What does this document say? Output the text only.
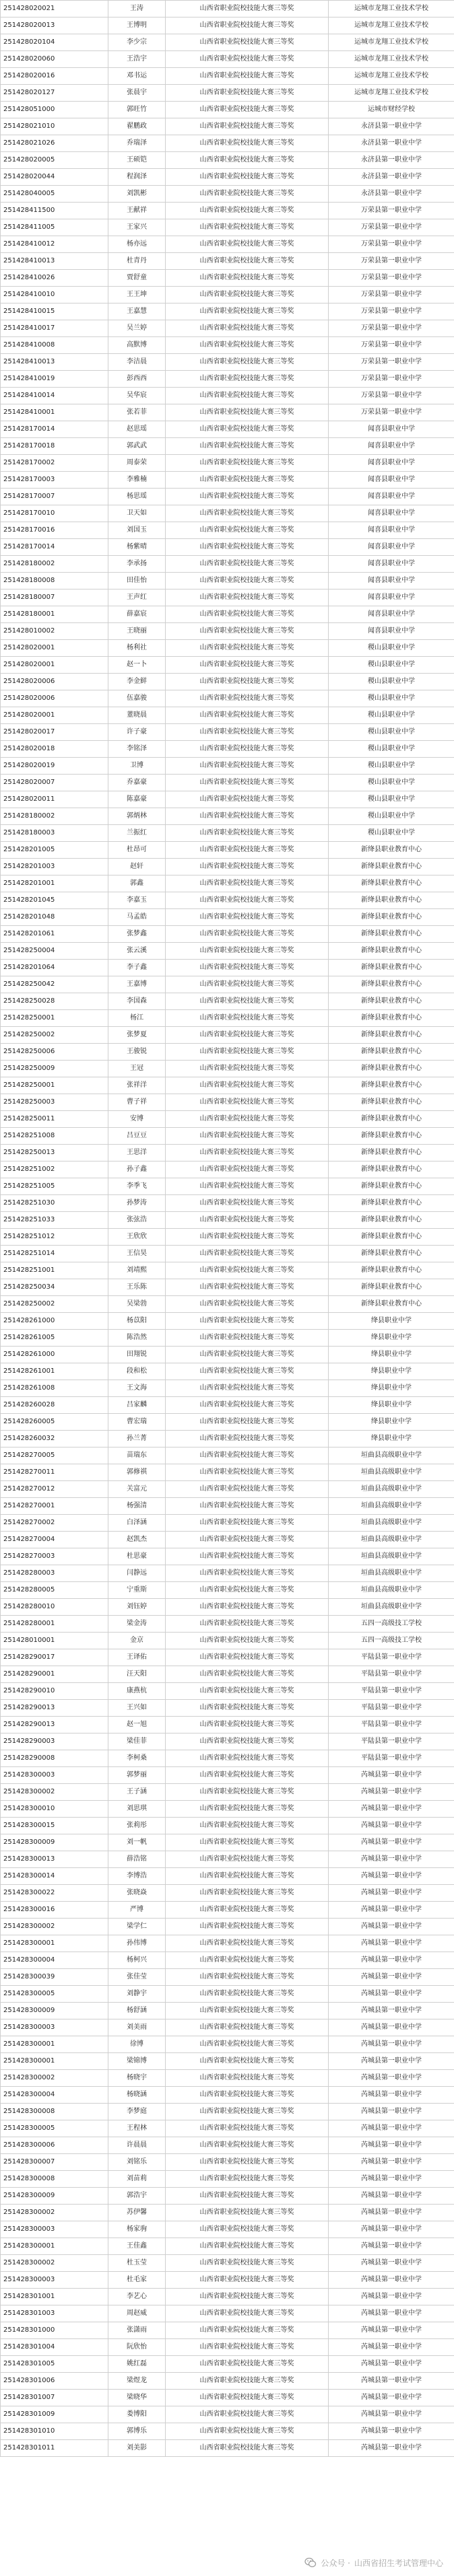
251428020021	王涛	山西省职业院校技能大赛三等奖	运城市龙翔工业技术学校
251428020013	王博明	山西省职业院校技能大赛三等奖	运城市龙翔工业技术学校
251428020104	李少宗	山西省职业院校技能大赛三等奖	运城市龙翔工业技术学校
251428020060	王浩宇	山西省职业院校技能大赛三等奖	运城市龙翔工业技术学校
251428020016	邓书运	山西省职业院校技能大赛三等奖	运城市龙翔工业技术学校
251428020127	张晨宇	山西省职业院校技能大赛三等奖	运城市龙翔工业技术学校
251428051000	郭旺竹	山西省职业院校技能大赛三等奖	运城市财经学校
251428021010	翟鹏政	山西省职业院校技能大赛三等奖	永济县第一职业中学
251428021026	乔瑞泽	山西省职业院校技能大赛三等奖	永济县第一职业中学
251428020005	王硕铠	山西省职业院校技能大赛三等奖	永济县第一职业中学
251428020044	程润泽	山西省职业院校技能大赛三等奖	永济县第一职业中学
251428040005	刘凯彬	山西省职业院校技能大赛三等奖	永济县第一职业中学
251428411500	王献祥	山西省职业院校技能大赛三等奖	万荣县第一职业中学
251428411005	王家兴	山西省职业院校技能大赛三等奖	万荣县第一职业中学
251428410012	杨亦远	山西省职业院校技能大赛三等奖	万荣县第一职业中学
251428410013	杜青丹	山西省职业院校技能大赛三等奖	万荣县第一职业中学
251428410026	贾舒童	山西省职业院校技能大赛三等奖	万荣县第一职业中学
251428410010	王王坤	山西省职业院校技能大赛三等奖	万荣县第一职业中学
251428410015	王嘉慧	山西省职业院校技能大赛三等奖	万荣县第一职业中学
251428410017	吴兰婷	山西省职业院校技能大赛三等奖	万荣县第一职业中学
251428410008	高默博	山西省职业院校技能大赛三等奖	万荣县第一职业中学
251428410013	李洁晨	山西省职业院校技能大赛三等奖	万荣县第一职业中学
251428410019	彭西西	山西省职业院校技能大赛三等奖	万荣县第一职业中学
251428410014	吴华宸	山西省职业院校技能大赛三等奖	万荣县第一职业中学
251428410001	张若菲	山西省职业院校技能大赛三等奖	万荣县第一职业中学
251428170014	赵思瑶	山西省职业院校技能大赛三等奖	闻喜县职业中学
251428170018	郭武武	山西省职业院校技能大赛三等奖	闻喜县职业中学
251428170002	周泰荣	山西省职业院校技能大赛三等奖	闻喜县职业中学
251428170003	李雅楠	山西省职业院校技能大赛三等奖	闻喜县职业中学
251428170007	杨思瑶	山西省职业院校技能大赛三等奖	闻喜县职业中学
251428170010	卫天如	山西省职业院校技能大赛三等奖	闻喜县职业中学
251428170016	刘国玉	山西省职业院校技能大赛三等奖	闻喜县职业中学
251428170014	杨紫晴	山西省职业院校技能大赛三等奖	闻喜县职业中学
251428180002	李承扬	山西省职业院校技能大赛三等奖	闻喜县职业中学
251428180008	田佳怡	山西省职业院校技能大赛三等奖	闻喜县职业中学
251428180007	王声红	山西省职业院校技能大赛三等奖	闻喜县职业中学
251428180001	薛嘉宸	山西省职业院校技能大赛三等奖	闻喜县职业中学
251428010002	王晓丽	山西省职业院校技能大赛三等奖	闻喜县职业中学
251428020001	杨利社	山西省职业院校技能大赛三等奖	稷山县职业中学
251428020001	赵一卜	山西省职业院校技能大赛三等奖	稷山县职业中学
251428020006	李金鲜	山西省职业院校技能大赛三等奖	稷山县职业中学
251428020006	伍嘉骏	山西省职业院校技能大赛三等奖	稷山县职业中学
251428020001	董晓晨	山西省职业院校技能大赛三等奖	稷山县职业中学
251428020017	许子豪	山西省职业院校技能大赛三等奖	稷山县职业中学
251428020018	李铭泽	山西省职业院校技能大赛三等奖	稷山县职业中学
251428020019	卫博	山西省职业院校技能大赛三等奖	稷山县职业中学
251428020007	乔嘉豪	山西省职业院校技能大赛三等奖	稷山县职业中学
251428020011	陈嘉豪	山西省职业院校技能大赛三等奖	稷山县职业中学
251428180002	郭炳林	山西省职业院校技能大赛三等奖	稷山县职业中学
251428180003	兰振红	山西省职业院校技能大赛三等奖	稷山县职业中学
251428201005	杜昂可	山西省职业院校技能大赛三等奖	新绛县职业教育中心
251428201003	赵轩	山西省职业院校技能大赛三等奖	新绛县职业教育中心
251428201001	郭鑫	山西省职业院校技能大赛三等奖	新绛县职业教育中心
251428201045	李嘉玉	山西省职业院校技能大赛三等奖	新绛县职业教育中心
251428201048	马孟皓	山西省职业院校技能大赛三等奖	新绛县职业教育中心
251428201061	张梦鑫	山西省职业院校技能大赛三等奖	新绛县职业教育中心
251428250004	张云溪	山西省职业院校技能大赛三等奖	新绛县职业教育中心
251428201064	李子鑫	山西省职业院校技能大赛三等奖	新绛县职业教育中心
251428250042	王嘉博	山西省职业院校技能大赛三等奖	新绛县职业教育中心
251428250028	李国森	山西省职业院校技能大赛三等奖	新绛县职业教育中心
251428250001	杨江	山西省职业院校技能大赛三等奖	新绛县职业教育中心
251428250002	张梦夏	山西省职业院校技能大赛三等奖	新绛县职业教育中心
251428250006	王骏锐	山西省职业院校技能大赛三等奖	新绛县职业教育中心
251428250009	王冠	山西省职业院校技能大赛三等奖	新绛县职业教育中心
251428250001	张祥洋	山西省职业院校技能大赛三等奖	新绛县职业教育中心
251428250003	曹子祥	山西省职业院校技能大赛三等奖	新绛县职业教育中心
251428250011	安博	山西省职业院校技能大赛三等奖	新绛县职业教育中心
251428251008	吕豆豆	山西省职业院校技能大赛三等奖	新绛县职业教育中心
251428250013	王思洋	山西省职业院校技能大赛三等奖	新绛县职业教育中心
251428251002	孙子鑫	山西省职业院校技能大赛三等奖	新绛县职业教育中心
251428251005	李季飞	山西省职业院校技能大赛三等奖	新绛县职业教育中心
251428251030	孙梦涛	山西省职业院校技能大赛三等奖	新绛县职业教育中心
251428251033	张弦浩	山西省职业院校技能大赛三等奖	新绛县职业教育中心
251428251012	王欣欣	山西省职业院校技能大赛三等奖	新绛县职业教育中心
251428251014	王信昊	山西省职业院校技能大赛三等奖	新绛县职业教育中心
251428251001	刘靖熙	山西省职业院校技能大赛三等奖	新绛县职业教育中心
251428250034	王乐陈	山西省职业院校技能大赛三等奖	新绛县职业教育中心
251428250002	吴梁勃	山西省职业院校技能大赛三等奖	新绛县职业教育中心
251428261000	杨苡阳	山西省职业院校技能大赛三等奖	绛县职业中学
251428261005	陈浩然	山西省职业院校技能大赛三等奖	绛县职业中学
251428261000	田翔锐	山西省职业院校技能大赛三等奖	绛县职业中学
251428261001	段和松	山西省职业院校技能大赛三等奖	绛县职业中学
251428261008	王文海	山西省职业院校技能大赛三等奖	绛县职业中学
251428260028	吕家麟	山西省职业院校技能大赛三等奖	绛县职业中学
251428260005	曹宏瑞	山西省职业院校技能大赛三等奖	绛县职业中学
251428260032	孙兰菁	山西省职业院校技能大赛三等奖	绛县职业中学
251428270005	苗瑞东	山西省职业院校技能大赛三等奖	垣曲县高级职业中学
251428270011	郭修祺	山西省职业院校技能大赛三等奖	垣曲县高级职业中学
251428270012	关富元	山西省职业院校技能大赛三等奖	垣曲县高级职业中学
251428270001	杨强清	山西省职业院校技能大赛三等奖	垣曲县高级职业中学
251428270002	白泽涵	山西省职业院校技能大赛三等奖	垣曲县高级职业中学
251428270004	赵凯杰	山西省职业院校技能大赛三等奖	垣曲县高级职业中学
251428270003	杜思豪	山西省职业院校技能大赛三等奖	垣曲县高级职业中学
251428280003	闫静远	山西省职业院校技能大赛三等奖	垣曲县高级职业中学
251428280005	宁重斯	山西省职业院校技能大赛三等奖	垣曲县高级职业中学
251428280010	刘钰婷	山西省职业院校技能大赛三等奖	垣曲县高级职业中学
251428280001	梁金涛	山西省职业院校技能大赛三等奖	五四一高级技工学校
251428010001	金京	山西省职业院校技能大赛三等奖	五四一高级技工学校
251428290017	王译佑	山西省职业院校技能大赛三等奖	平陆县第一职业中学
251428290001	汪天阳	山西省职业院校技能大赛三等奖	平陆县第一职业中学
251428290010	康燕杭	山西省职业院校技能大赛三等奖	平陆县第一职业中学
251428290013	王兴如	山西省职业院校技能大赛三等奖	平陆县第一职业中学
251428290013	赵一旭	山西省职业院校技能大赛三等奖	平陆县第一职业中学
251428290003	梁佳菲	山西省职业院校技能大赛三等奖	平陆县第一职业中学
251428290008	李柯桑	山西省职业院校技能大赛三等奖	平陆县第一职业中学
251428300003	郭梦丽	山西省职业院校技能大赛三等奖	芮城县第一职业中学
251428300002	王子涵	山西省职业院校技能大赛三等奖	芮城县第一职业中学
251428300010	刘思琪	山西省职业院校技能大赛三等奖	芮城县第一职业中学
251428300015	张莉彤	山西省职业院校技能大赛三等奖	芮城县第一职业中学
251428300009	刘一帆	山西省职业院校技能大赛三等奖	芮城县第一职业中学
251428300013	薛浩铭	山西省职业院校技能大赛三等奖	芮城县第一职业中学
251428300014	李博浩	山西省职业院校技能大赛三等奖	芮城县第一职业中学
251428300022	张晓焱	山西省职业院校技能大赛三等奖	芮城县第一职业中学
251428300016	严博	山西省职业院校技能大赛三等奖	芮城县第一职业中学
251428300002	梁学仁	山西省职业院校技能大赛三等奖	芮城县第一职业中学
251428300001	孙伟博	山西省职业院校技能大赛三等奖	芮城县第一职业中学
251428300004	杨柯兴	山西省职业院校技能大赛三等奖	芮城县第一职业中学
251428300039	张佳莹	山西省职业院校技能大赛三等奖	芮城县第一职业中学
251428300005	刘静宇	山西省职业院校技能大赛三等奖	芮城县第一职业中学
251428300009	杨舒涵	山西省职业院校技能大赛三等奖	芮城县第一职业中学
251428300003	刘美雨	山西省职业院校技能大赛三等奖	芮城县第一职业中学
251428300001	徐博	山西省职业院校技能大赛三等奖	芮城县第一职业中学
251428300001	梁锦博	山西省职业院校技能大赛三等奖	芮城县第一职业中学
251428300002	杨晓宇	山西省职业院校技能大赛三等奖	芮城县第一职业中学
251428300004	杨晓涵	山西省职业院校技能大赛三等奖	芮城县第一职业中学
251428300008	李梦庭	山西省职业院校技能大赛三等奖	芮城县第一职业中学
251428300005	王程林	山西省职业院校技能大赛三等奖	芮城县第一职业中学
251428300006	许晨晨	山西省职业院校技能大赛三等奖	芮城县第一职业中学
251428300007	刘铭乐	山西省职业院校技能大赛三等奖	芮城县第一职业中学
251428300008	刘苗莉	山西省职业院校技能大赛三等奖	芮城县第一职业中学
251428300009	郭浩宇	山西省职业院校技能大赛三等奖	芮城县第一职业中学
251428300002	苏伊馨	山西省职业院校技能大赛三等奖	芮城县第一职业中学
251428300003	杨家驹	山西省职业院校技能大赛三等奖	芮城县第一职业中学
251428300001	王佳鑫	山西省职业院校技能大赛三等奖	芮城县第一职业中学
251428300002	杜玉莹	山西省职业院校技能大赛三等奖	芮城县第一职业中学
251428300003	杜毛家	山西省职业院校技能大赛三等奖	芮城县第一职业中学
251428301001	李艺心	山西省职业院校技能大赛三等奖	芮城县第一职业中学
251428301003	周赵威	山西省职业院校技能大赛三等奖	芮城县第一职业中学
251428301000	张潇雨	山西省职业院校技能大赛三等奖	芮城县第一职业中学
251428301004	阮欣怡	山西省职业院校技能大赛三等奖	芮城县第一职业中学
251428301005	姚红磊	山西省职业院校技能大赛三等奖	芮城县第一职业中学
251428301006	梁煜龙	山西省职业院校技能大赛三等奖	芮城县第一职业中学
251428301007	梁晓华	山西省职业院校技能大赛三等奖	芮城县第一职业中学
251428301009	娄博阳	山西省职业院校技能大赛三等奖	芮城县第一职业中学
251428301010	郭博乐	山西省职业院校技能大赛三等奖	芮城县第一职业中学
251428301011	刘美影	山西省职业院校技能大赛三等奖	芮城县第一职业中学
公众号 · 山西省招生考试管理中心
